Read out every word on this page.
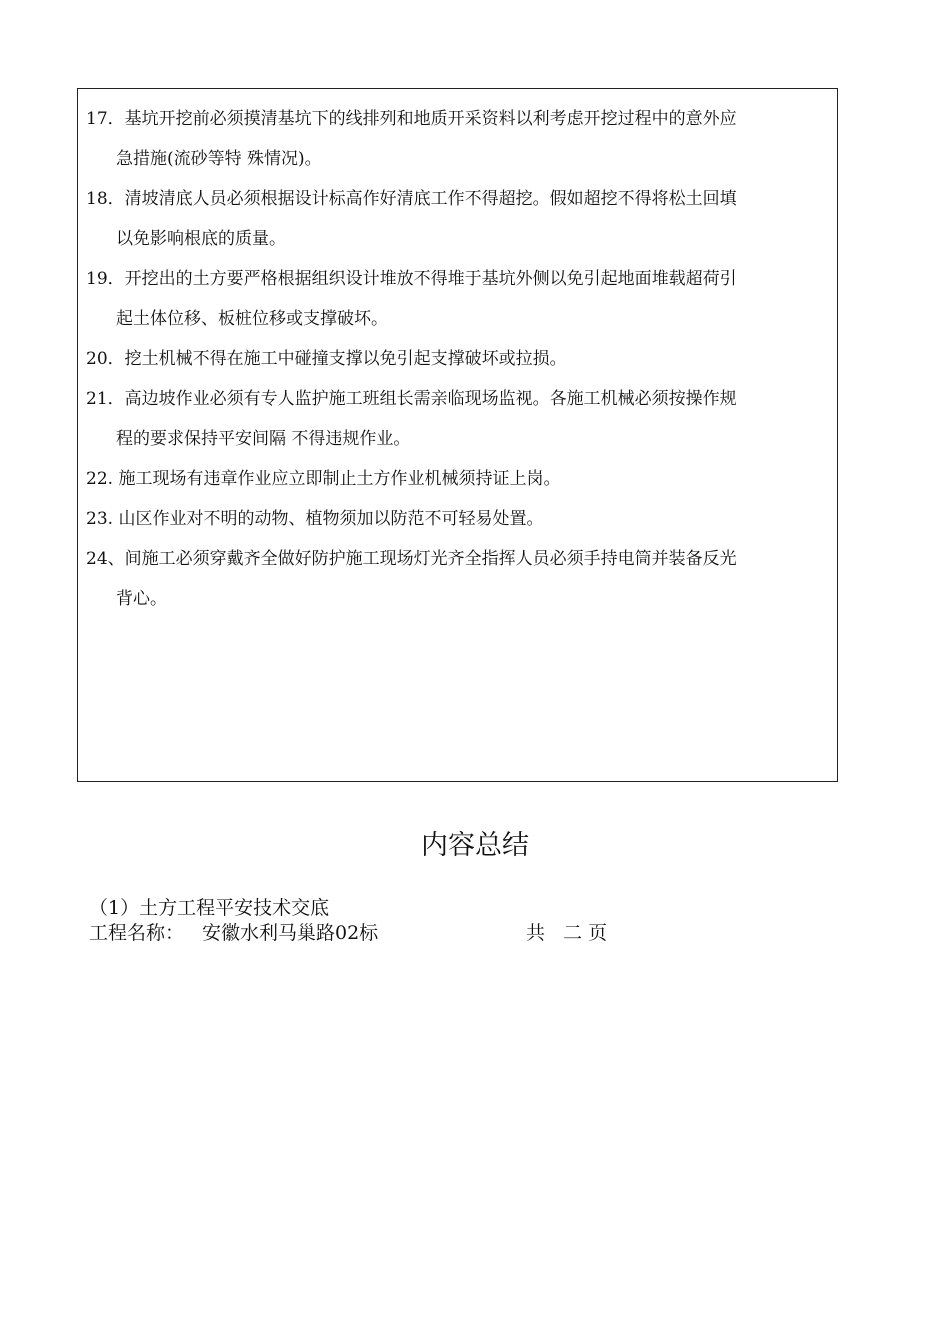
17．基坑开挖前必须摸清基坑下的线排列和地质开采资料以利考虑开挖过程中的意外应
急措施(流砂等特 殊情况)。
18．清坡清底人员必须根据设计标高作好清底工作不得超挖。假如超挖不得将松土回填
以免影响根底的质量。
19．开挖出的土方要严格根据组织设计堆放不得堆于基坑外侧以免引起地面堆载超荷引
起土体位移、板桩位移或支撑破坏。
20．挖土机械不得在施工中碰撞支撑以免引起支撑破坏或拉损。
21．高边坡作业必须有专人监护施工班组长需亲临现场监视。各施工机械必须按操作规
程的要求保持平安间隔 不得违规作业。
22. 施工现场有违章作业应立即制止土方作业机械须持证上岗。
23. 山区作业对不明的动物、植物须加以防范不可轻易处置。
24、间施工必须穿戴齐全做好防护施工现场灯光齐全指挥人员必须手持电筒并装备反光
背心。
内容总结
（1）土方工程平安技术交底
工程名称： 安徽水利马巢路02标	共   二 页
